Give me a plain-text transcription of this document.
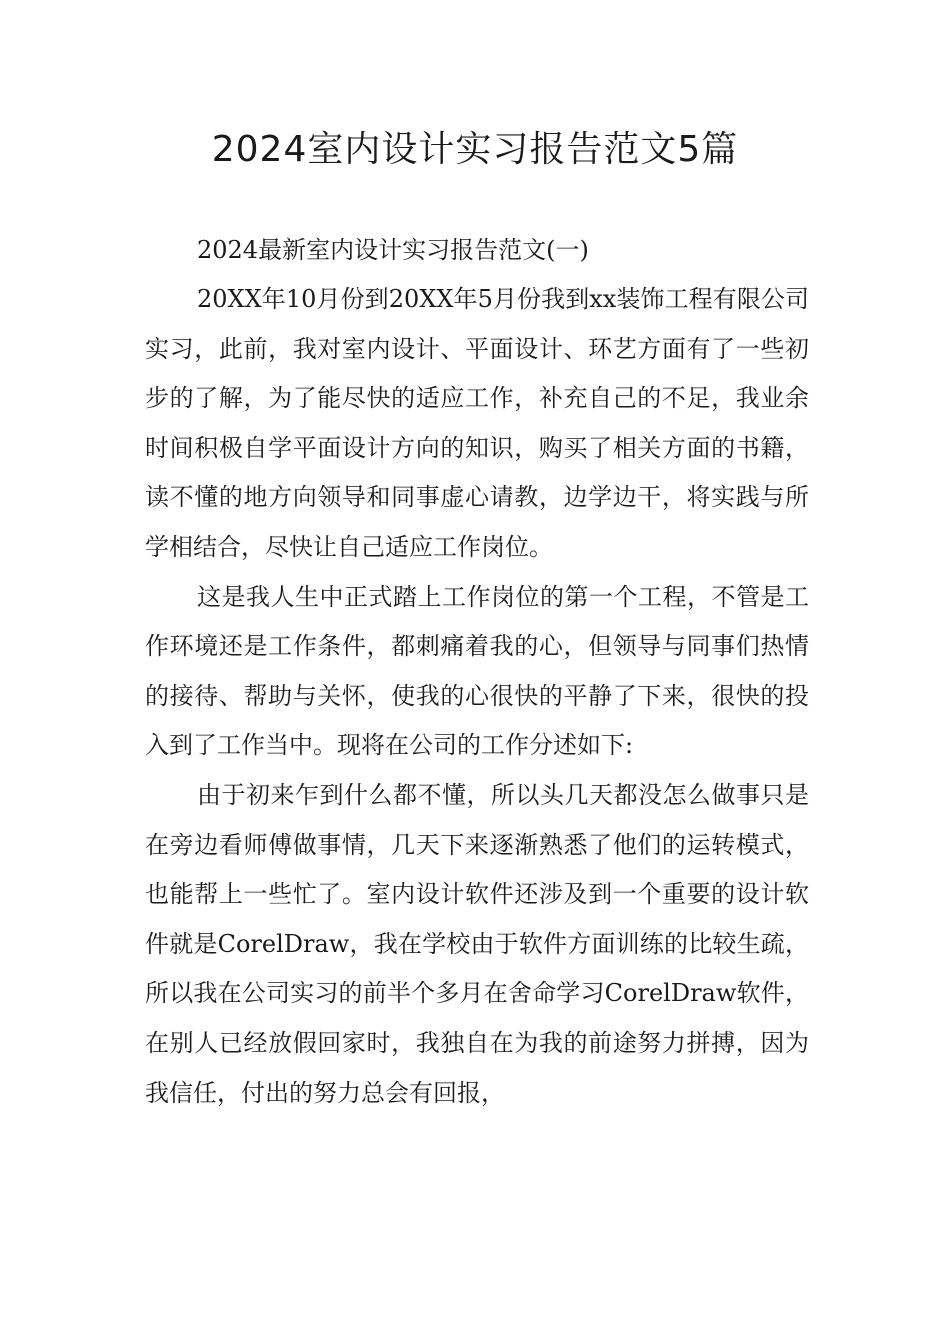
2024室内设计实习报告范文5篇

2024最新室内设计实习报告范文(一)

20XX年10月份到20XX年5月份我到xx装饰工程有限公司实习，此前，我对室内设计、平面设计、环艺方面有了一些初步的了解，为了能尽快的适应工作，补充自己的不足，我业余时间积极自学平面设计方向的知识，购买了相关方面的书籍，读不懂的地方向领导和同事虚心请教，边学边干，将实践与所学相结合，尽快让自己适应工作岗位。

这是我人生中正式踏上工作岗位的第一个工程，不管是工作环境还是工作条件，都刺痛着我的心，但领导与同事们热情的接待、帮助与关怀，使我的心很快的平静了下来，很快的投入到了工作当中。现将在公司的工作分述如下:

由于初来乍到什么都不懂，所以头几天都没怎么做事只是在旁边看师傅做事情，几天下来逐渐熟悉了他们的运转模式，也能帮上一些忙了。室内设计软件还涉及到一个重要的设计软件就是CorelDraw，我在学校由于软件方面训练的比较生疏，所以我在公司实习的前半个多月在舍命学习CorelDraw软件，在别人已经放假回家时，我独自在为我的前途努力拼搏，因为我信任，付出的努力总会有回报，
